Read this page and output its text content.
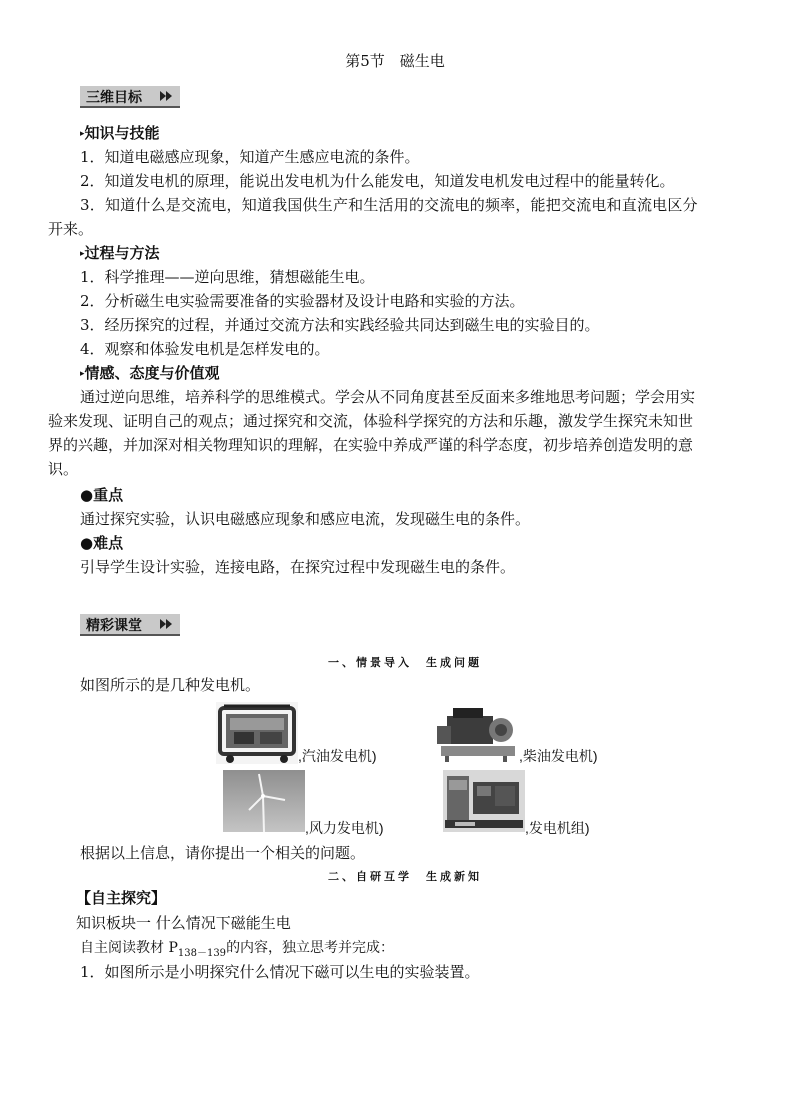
第5节　磁生电
三维目标
▸知识与技能
1．知道电磁感应现象，知道产生感应电流的条件。
2．知道发电机的原理，能说出发电机为什么能发电，知道发电机发电过程中的能量转化。
3．知道什么是交流电，知道我国供生产和生活用的交流电的频率，能把交流电和直流电区分
开来。
▸过程与方法
1．科学推理——逆向思维，猜想磁能生电。
2．分析磁生电实验需要准备的实验器材及设计电路和实验的方法。
3．经历探究的过程，并通过交流方法和实践经验共同达到磁生电的实验目的。
4．观察和体验发电机是怎样发电的。
▸情感、态度与价值观
通过逆向思维，培养科学的思维模式。学会从不同角度甚至反面来多维地思考问题；学会用实
验来发现、证明自己的观点；通过探究和交流，体验科学探究的方法和乐趣，激发学生探究未知世
界的兴趣，并加深对相关物理知识的理解，在实验中养成严谨的科学态度，初步培养创造发明的意
识。
●重点
通过探究实验，认识电磁感应现象和感应电流，发现磁生电的条件。
●难点
引导学生设计实验，连接电路，在探究过程中发现磁生电的条件。
精彩课堂
一、情景导入　生成问题
如图所示的是几种发电机。
,汽油发电机)	,柴油发电机)
,风力发电机)	,发电机组)
根据以上信息，请你提出一个相关的问题。
二、自研互学　生成新知
【自主探究】
知识板块一 什么情况下磁能生电
自主阅读教材 $P_{138-139}$的内容，独立思考并完成：
1．如图所示是小明探究什么情况下磁可以生电的实验装置。
